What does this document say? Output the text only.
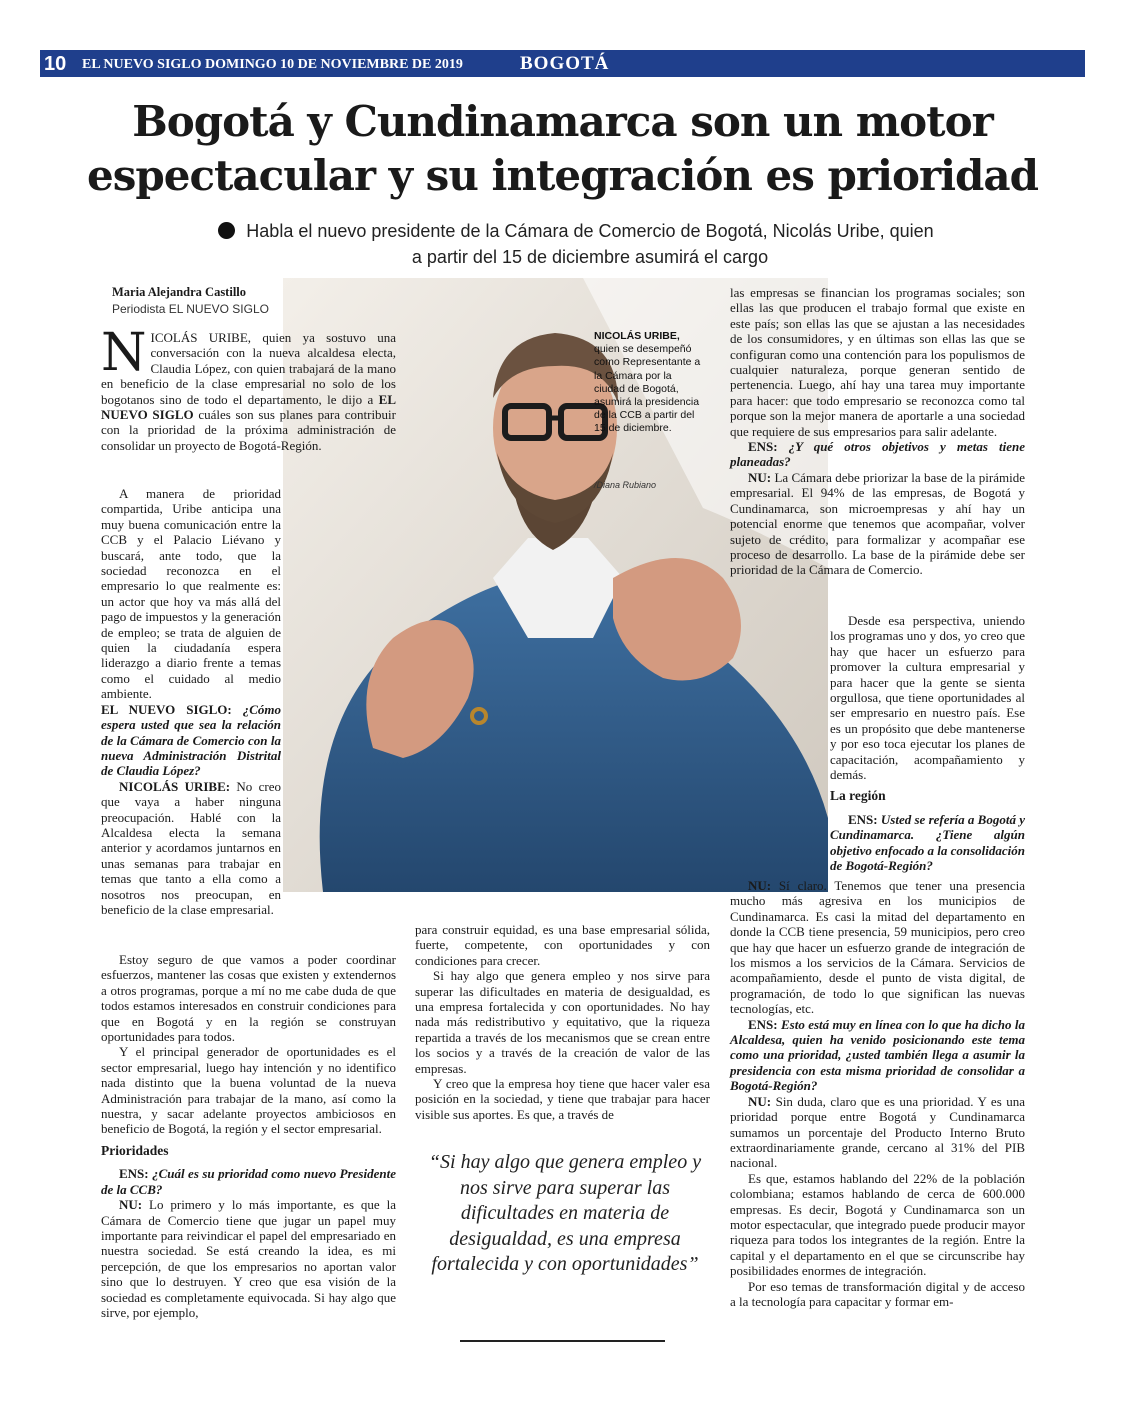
10 EL NUEVO SIGLO DOMINGO 10 DE NOVIEMBRE DE 2019	BOGOTÁ
Bogotá y Cundinamarca son un motor espectacular y su integración es prioridad

Habla el nuevo presidente de la Cámara de Comercio de Bogotá, Nicolás Uribe, quien a partir del 15 de diciembre asumirá el cargo

Maria Alejandra Castillo
Periodista EL NUEVO SIGLO
NICOLÁS URIBE, quien se desempeñó como Representante a la Cámara por la ciudad de Bogotá, asumirá la presidencia de la CCB a partir del 15 de diciembre.
/Diana Rubiano

NICOLÁS URIBE, quien ya sostuvo una conversación con la nueva alcaldesa electa, Claudia López, con quien trabajará de la mano en beneficio de la clase empresarial no solo de los bogotanos sino de todo el departamento, le dijo a EL NUEVO SIGLO cuáles son sus planes para contribuir con la prioridad de la próxima administración de consolidar un proyecto de Bogotá-Región.

A manera de prioridad compartida, Uribe anticipa una muy buena comunicación entre la CCB y el Palacio Liévano y buscará, ante todo, que la sociedad reconozca en el empresario lo que realmente es: un actor que hoy va más allá del pago de impuestos y la generación de empleo; se trata de alguien de quien la ciudadanía espera liderazgo a diario frente a temas como el cuidado al medio ambiente.

EL NUEVO SIGLO: ¿Cómo espera usted que sea la relación de la Cámara de Comercio con la nueva Administración Distrital de Claudia López?

NICOLÁS URIBE: No creo que vaya a haber ninguna preocupación. Hablé con la Alcaldesa electa la semana anterior y acordamos juntarnos en unas semanas para trabajar en temas que tanto a ella como a nosotros nos preocupan, en beneficio de la clase empresarial.

Estoy seguro de que vamos a poder coordinar esfuerzos, mantener las cosas que existen y extendernos a otros programas, porque a mí no me cabe duda de que todos estamos interesados en construir condiciones para que en Bogotá y en la región se construyan oportunidades para todos.

Y el principal generador de oportunidades es el sector empresarial, luego hay intención y no identifico nada distinto que la buena voluntad de la nueva Administración para trabajar de la mano, así como la nuestra, y sacar adelante proyectos ambiciosos en beneficio de Bogotá, la región y el sector empresarial.

Prioridades

ENS: ¿Cuál es su prioridad como nuevo Presidente de la CCB?

NU: Lo primero y lo más importante, es que la Cámara de Comercio tiene que jugar un papel muy importante para reivindicar el papel del empresariado en nuestra sociedad. Se está creando la idea, es mi percepción, de que los empresarios no aportan valor sino que lo destruyen. Y creo que esa visión de la sociedad es completamente equivocada. Si hay algo que sirve, por ejemplo,

para construir equidad, es una base empresarial sólida, fuerte, competente, con oportunidades y con condiciones para crecer.

Si hay algo que genera empleo y nos sirve para superar las dificultades en materia de desigualdad, es una empresa fortalecida y con oportunidades. No hay nada más redistributivo y equitativo, que la riqueza repartida a través de los mecanismos que se crean entre los socios y a través de la creación de valor de las empresas.

Y creo que la empresa hoy tiene que hacer valer esa posición en la sociedad, y tiene que trabajar para hacer visible sus aportes. Es que, a través de

“Si hay algo que genera empleo y nos sirve para superar las dificultades en materia de desigualdad, es una empresa fortalecida y con oportunidades”

las empresas se financian los programas sociales; son ellas las que producen el trabajo formal que existe en este país; son ellas las que se ajustan a las necesidades de los consumidores, y en últimas son ellas las que se configuran como una contención para los populismos de cualquier naturaleza, porque generan sentido de pertenencia. Luego, ahí hay una tarea muy importante para hacer: que todo empresario se reconozca como tal porque son la mejor manera de aportarle a una sociedad que requiere de sus empresarios para salir adelante.

ENS: ¿Y qué otros objetivos y metas tiene planeadas?

NU: La Cámara debe priorizar la base de la pirámide empresarial. El 94% de las empresas, de Bogotá y Cundinamarca, son microempresas y ahí hay un potencial enorme que tenemos que acompañar, volver sujeto de crédito, para formalizar y acompañar ese proceso de desarrollo. La base de la pirámide debe ser prioridad de la Cámara de Comercio.

Desde esa perspectiva, uniendo los programas uno y dos, yo creo que hay que hacer un esfuerzo para promover la cultura empresarial y para hacer que la gente se sienta orgullosa, que tiene oportunidades al ser empresario en nuestro país. Ese es un propósito que debe mantenerse y por eso toca ejecutar los planes de capacitación, acompañamiento y demás.

La región

ENS: Usted se refería a Bogotá y Cundinamarca. ¿Tiene algún objetivo enfocado a la consolidación de Bogotá-Región?

NU: Sí claro. Tenemos que tener una presencia mucho más agresiva en los municipios de Cundinamarca. Es casi la mitad del departamento en donde la CCB tiene presencia, 59 municipios, pero creo que hay que hacer un esfuerzo grande de integración de los mismos a los servicios de la Cámara. Servicios de acompañamiento, desde el punto de vista digital, de programación, de todo lo que significan las nuevas tecnologías, etc.

ENS: Esto está muy en línea con lo que ha dicho la Alcaldesa, quien ha venido posicionando este tema como una prioridad, ¿usted también llega a asumir la presidencia con esta misma prioridad de consolidar a Bogotá-Región?

NU: Sin duda, claro que es una prioridad. Y es una prioridad porque entre Bogotá y Cundinamarca sumamos un porcentaje del Producto Interno Bruto extraordinariamente grande, cercano al 31% del PIB nacional.

Es que, estamos hablando del 22% de la población colombiana; estamos hablando de cerca de 600.000 empresas. Es decir, Bogotá y Cundinamarca son un motor espectacular, que integrado puede producir mayor riqueza para todos los integrantes de la región. Entre la capital y el departamento en el que se circunscribe hay posibilidades enormes de integración.

Por eso temas de transformación digital y de acceso a la tecnología para capacitar y formar em-
